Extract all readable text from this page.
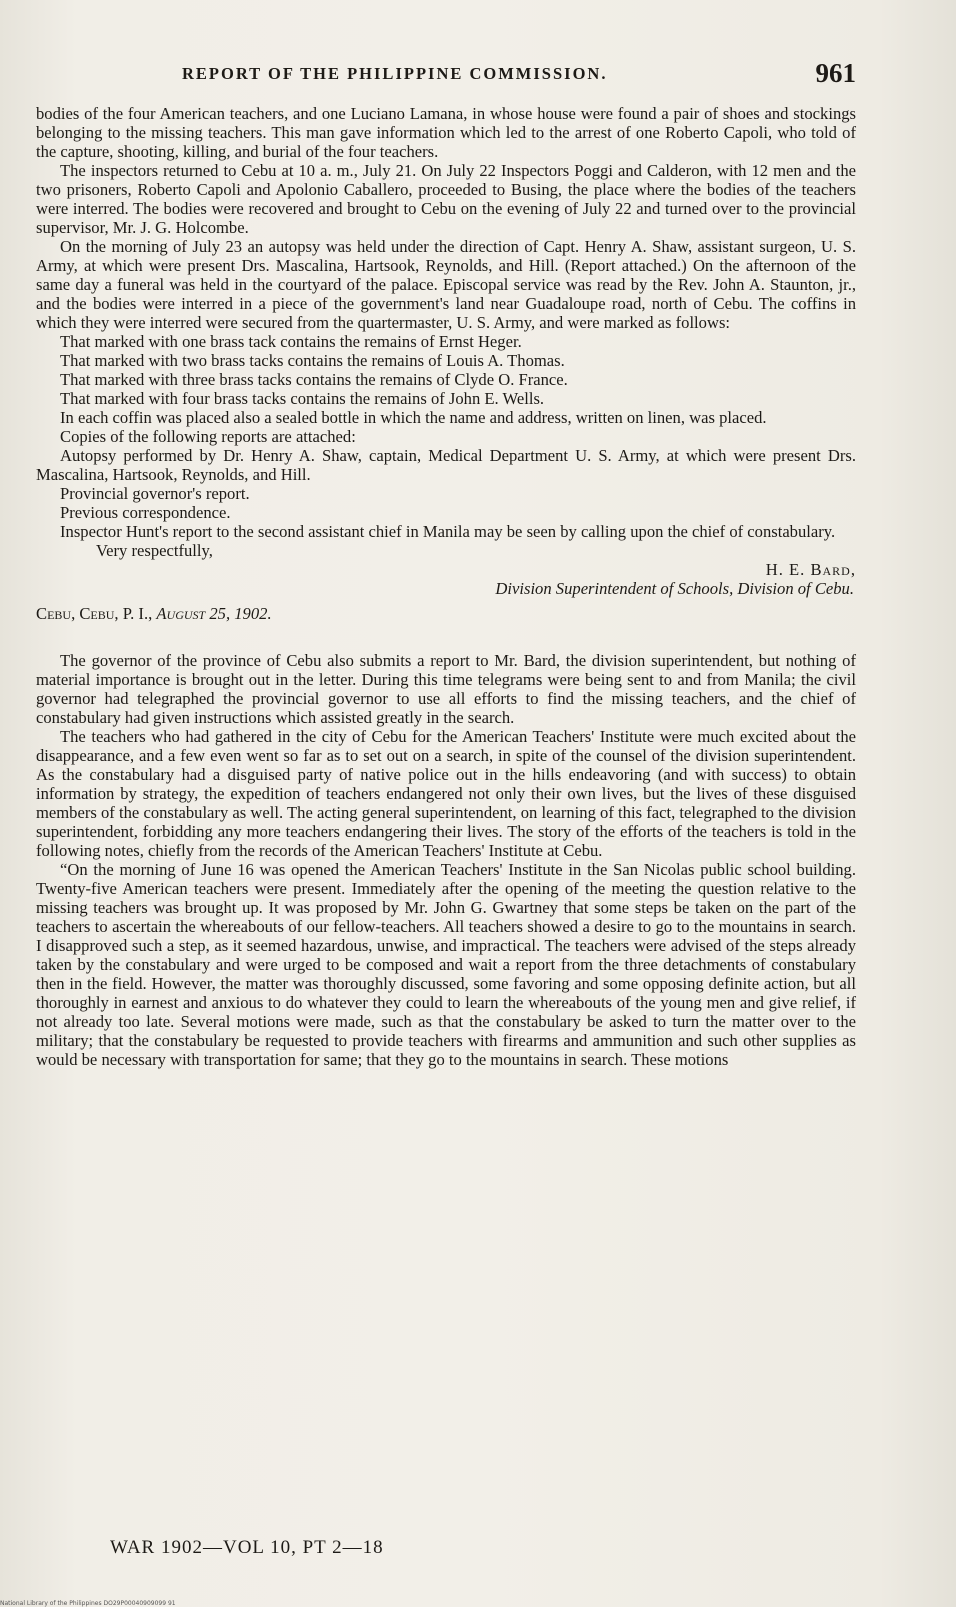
REPORT OF THE PHILIPPINE COMMISSION.	961

bodies of the four American teachers, and one Luciano Lamana, in whose house were found a pair of shoes and stockings belonging to the missing teachers. This man gave information which led to the arrest of one Roberto Capoli, who told of the capture, shooting, killing, and burial of the four teachers.

The inspectors returned to Cebu at 10 a. m., July 21. On July 22 Inspectors Poggi and Calderon, with 12 men and the two prisoners, Roberto Capoli and Apolonio Caballero, proceeded to Busing, the place where the bodies of the teachers were interred. The bodies were recovered and brought to Cebu on the evening of July 22 and turned over to the provincial supervisor, Mr. J. G. Holcombe.

On the morning of July 23 an autopsy was held under the direction of Capt. Henry A. Shaw, assistant surgeon, U. S. Army, at which were present Drs. Mascalina, Hartsook, Reynolds, and Hill. (Report attached.) On the afternoon of the same day a funeral was held in the courtyard of the palace. Episcopal service was read by the Rev. John A. Staunton, jr., and the bodies were interred in a piece of the government's land near Guadaloupe road, north of Cebu. The coffins in which they were interred were secured from the quartermaster, U. S. Army, and were marked as follows:

That marked with one brass tack contains the remains of Ernst Heger.

That marked with two brass tacks contains the remains of Louis A. Thomas.

That marked with three brass tacks contains the remains of Clyde O. France.

That marked with four brass tacks contains the remains of John E. Wells.

In each coffin was placed also a sealed bottle in which the name and address, written on linen, was placed.

Copies of the following reports are attached:

Autopsy performed by Dr. Henry A. Shaw, captain, Medical Department U. S. Army, at which were present Drs. Mascalina, Hartsook, Reynolds, and Hill.

Provincial governor's report.

Previous correspondence.

Inspector Hunt's report to the second assistant chief in Manila may be seen by calling upon the chief of constabulary.

Very respectfully,

H. E. Bard,

Division Superintendent of Schools, Division of Cebu.

Cebu, Cebu, P. I., August 25, 1902.

The governor of the province of Cebu also submits a report to Mr. Bard, the division superintendent, but nothing of material importance is brought out in the letter. During this time telegrams were being sent to and from Manila; the civil governor had telegraphed the provincial governor to use all efforts to find the missing teachers, and the chief of constabulary had given instructions which assisted greatly in the search.

The teachers who had gathered in the city of Cebu for the American Teachers' Institute were much excited about the disappearance, and a few even went so far as to set out on a search, in spite of the counsel of the division superintendent. As the constabulary had a disguised party of native police out in the hills endeavoring (and with success) to obtain information by strategy, the expedition of teachers endangered not only their own lives, but the lives of these disguised members of the constabulary as well. The acting general superintendent, on learning of this fact, telegraphed to the division superintendent, forbidding any more teachers endangering their lives. The story of the efforts of the teachers is told in the following notes, chiefly from the records of the American Teachers' Institute at Cebu.

“On the morning of June 16 was opened the American Teachers' Institute in the San Nicolas public school building. Twenty-five American teachers were present. Immediately after the opening of the meeting the question relative to the missing teachers was brought up. It was proposed by Mr. John G. Gwartney that some steps be taken on the part of the teachers to ascertain the whereabouts of our fellow-teachers. All teachers showed a desire to go to the mountains in search. I disapproved such a step, as it seemed hazardous, unwise, and impractical. The teachers were advised of the steps already taken by the constabulary and were urged to be composed and wait a report from the three detachments of constabulary then in the field. However, the matter was thoroughly discussed, some favoring and some opposing definite action, but all thoroughly in earnest and anxious to do whatever they could to learn the whereabouts of the young men and give relief, if not already too late. Several motions were made, such as that the constabulary be asked to turn the matter over to the military; that the constabulary be requested to provide teachers with firearms and ammunition and such other supplies as would be necessary with transportation for same; that they go to the mountains in search. These motions

WAR 1902—VOL 10, PT 2—18
National Library of the Philippines DO29P00040909099 91
